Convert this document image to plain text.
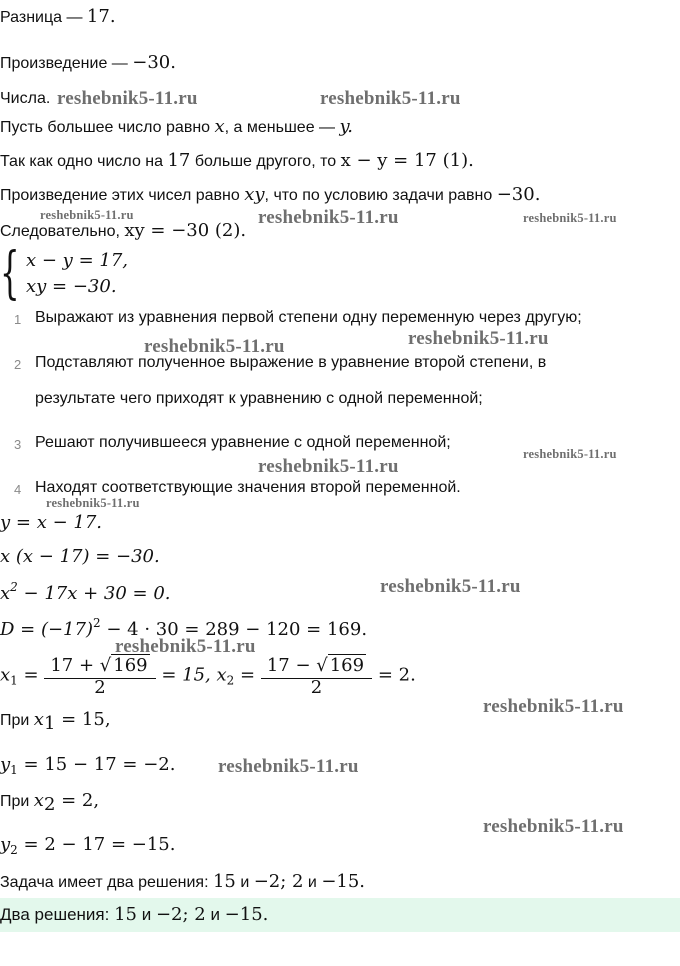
Разница — 17.
Произведение — −30.
Числа.
Пусть большее число равно x, а меньшее — y.
Так как одно число на 17 больше другого, то x − y = 17 (1).
Произведение этих чисел равно xy, что по условию задачи равно −30.
Следовательно, xy = −30 (2).
{ x − y = 17,
xy = −30.
1 Выражают из уравнения первой степени одну переменную через другую;
2 Подставляют полученное выражение в уравнение второй степени, в
результате чего приходят к уравнению с одной переменной;
3 Решают получившееся уравнение с одной переменной;
4 Находят соответствующие значения второй переменной.
y = x − 17.
x (x − 17) = −30.
$x^2 - 17x + 30 = 0$.
$D = (-17)^2 - 4 \cdot 30 = 289 - 120 = 169$.
$x_1 = \frac{17 + √ 169}{2} = 15$, $x_2 = \frac{17 - √ 169}{2} = 2$.
При $x_1 = 15$,
$y_1 = 15 - 17 = -2$.
При $x_2 = 2$,
$y_2 = 2 - 17 = -15$.
Задача имеет два решения: 15 и −2; 2 и −15.
Два решения: 15 и −2; 2 и −15.
reshebnik5-11.ru	reshebnik5-11.ru
reshebnik5-11.ru	reshebnik5-11.ru	reshebnik5-11.ru
reshebnik5-11.ru
reshebnik5-11.ru
reshebnik5-11.ru
reshebnik5-11.ru
reshebnik5-11.ru
reshebnik5-11.ru
reshebnik5-11.ru
reshebnik5-11.ru
reshebnik5-11.ru
reshebnik5-11.ru
